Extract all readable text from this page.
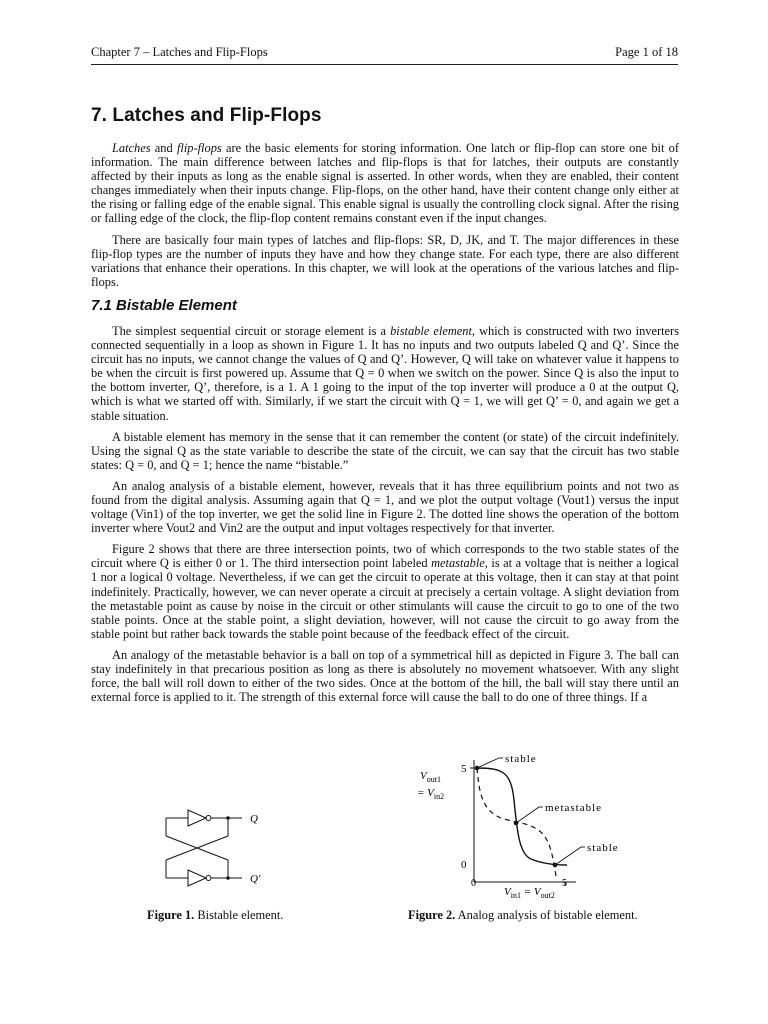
Chapter 7 – Latches and Flip-Flops	Page 1 of 18
7. Latches and Flip-Flops

Latches and flip-flops are the basic elements for storing information. One latch or flip-flop can store one bit of information. The main difference between latches and flip-flops is that for latches, their outputs are constantly affected by their inputs as long as the enable signal is asserted. In other words, when they are enabled, their content changes immediately when their inputs change. Flip-flops, on the other hand, have their content change only either at the rising or falling edge of the enable signal. This enable signal is usually the controlling clock signal. After the rising or falling edge of the clock, the flip-flop content remains constant even if the input changes.

There are basically four main types of latches and flip-flops: SR, D, JK, and T. The major differences in these flip-flop types are the number of inputs they have and how they change state. For each type, there are also different variations that enhance their operations. In this chapter, we will look at the operations of the various latches and flip-flops.

7.1 Bistable Element

The simplest sequential circuit or storage element is a bistable element, which is constructed with two inverters connected sequentially in a loop as shown in Figure 1. It has no inputs and two outputs labeled Q and Q’. Since the circuit has no inputs, we cannot change the values of Q and Q’. However, Q will take on whatever value it happens to be when the circuit is first powered up. Assume that Q = 0 when we switch on the power. Since Q is also the input to the bottom inverter, Q’, therefore, is a 1. A 1 going to the input of the top inverter will produce a 0 at the output Q, which is what we started off with. Similarly, if we start the circuit with Q = 1, we will get Q’ = 0, and again we get a stable situation.

A bistable element has memory in the sense that it can remember the content (or state) of the circuit indefinitely. Using the signal Q as the state variable to describe the state of the circuit, we can say that the circuit has two stable states: Q = 0, and Q = 1; hence the name “bistable.”

An analog analysis of a bistable element, however, reveals that it has three equilibrium points and not two as found from the digital analysis. Assuming again that Q = 1, and we plot the output voltage (Vout1) versus the input voltage (Vin1) of the top inverter, we get the solid line in Figure 2. The dotted line shows the operation of the bottom inverter where Vout2 and Vin2 are the output and input voltages respectively for that inverter.

Figure 2 shows that there are three intersection points, two of which corresponds to the two stable states of the circuit where Q is either 0 or 1. The third intersection point labeled metastable, is at a voltage that is neither a logical 1 nor a logical 0 voltage. Nevertheless, if we can get the circuit to operate at this voltage, then it can stay at that point indefinitely. Practically, however, we can never operate a circuit at precisely a certain voltage. A slight deviation from the metastable point as cause by noise in the circuit or other stimulants will cause the circuit to go to one of the two stable points. Once at the stable point, a slight deviation, however, will not cause the circuit to go away from the stable point but rather back towards the stable point because of the feedback effect of the circuit.

An analogy of the metastable behavior is a ball on top of a symmetrical hill as depicted in Figure 3. The ball can stay indefinitely in that precarious position as long as there is absolutely no movement whatsoever. With any slight force, the ball will roll down to either of the two sides. Once at the bottom of the hill, the ball will stay there until an external force is applied to it. The strength of this external force will cause the ball to do one of three things. If a

Q
Q'
stable
metastable
stable
5
0
0	5
$V_{out1}$
= $V_{in2}$
$V_{in1} = V_{out2}$
Figure 1. Bistable element.	Figure 2. Analog analysis of bistable element.
